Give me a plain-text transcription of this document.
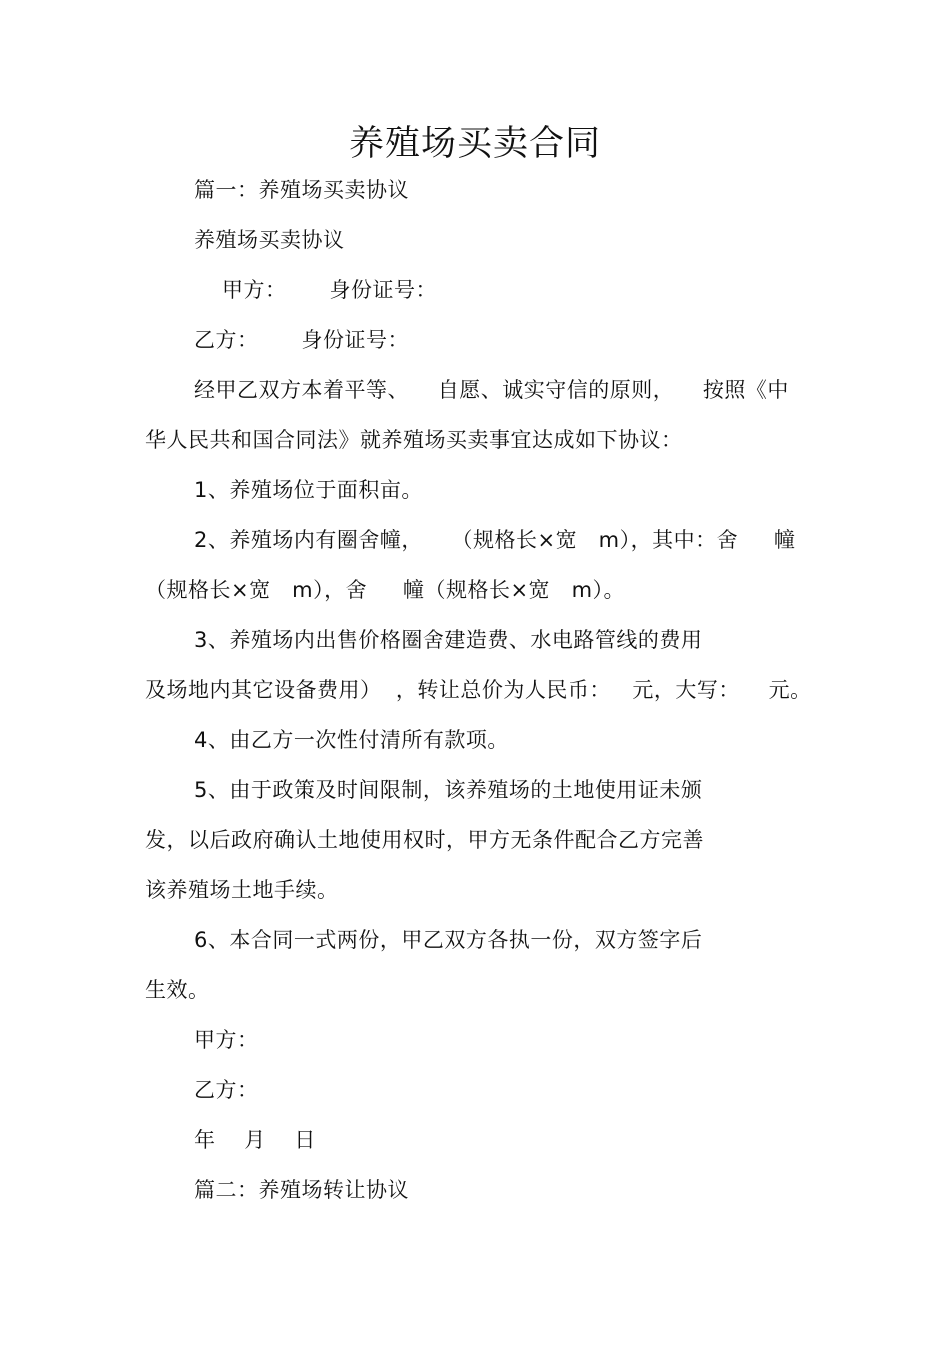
养殖场买卖合同
篇一：养殖场买卖协议
养殖场买卖协议
甲方：      身份证号：
乙方：      身份证号：
经甲乙双方本着平等、    自愿、诚实守信的原则，    按照《中
华人民共和国合同法》就养殖场买卖事宜达成如下协议：
1、养殖场位于面积亩。
2、养殖场内有圈舍幢，    （规格长×宽   m），其中：舍     幢
（规格长×宽   m），舍     幢（规格长×宽   m）。
3、养殖场内出售价格圈舍建造费、水电路管线的费用
及场地内其它设备费用）  ，转让总价为人民币：   元，大写：    元。
4、由乙方一次性付清所有款项。
5、由于政策及时间限制，该养殖场的土地使用证未颁
发，以后政府确认土地使用权时，甲方无条件配合乙方完善
该养殖场土地手续。
6、本合同一式两份，甲乙双方各执一份，双方签字后
生效。
甲方：
乙方：
年    月    日
篇二：养殖场转让协议
